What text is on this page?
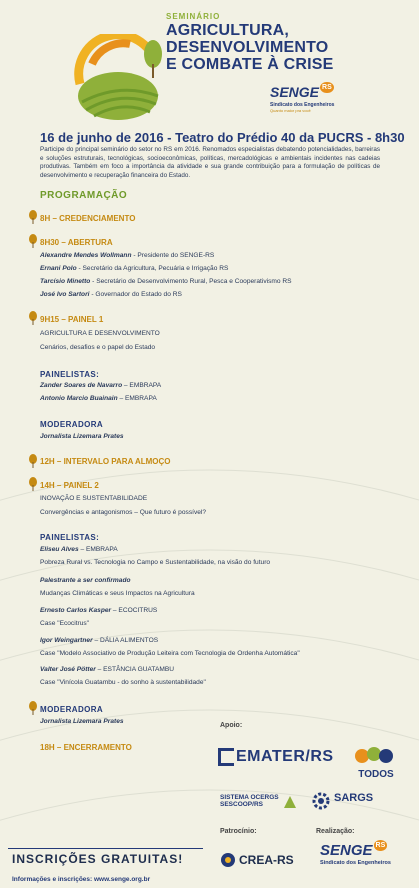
SEMINÁRIO
AGRICULTURA,
DESENVOLVIMENTO
E COMBATE À CRISE
SENGE $^{RS}$
Sindicato dos Engenheiros
Quanto maior pra você
16 de junho de 2016 - Teatro do Prédio 40 da PUCRS - 8h30
Participe do principal seminário do setor no RS em 2016. Renomados especialistas debatendo potencialidades, barreiras e soluções estruturais, tecnológicas, socioeconômicas, políticas, mercadológicas e ambientais incidentes nas cadeias produtivas. Também em foco a importância da atividade e sua grande contribuição para a formulação de políticas de desenvolvimento e recuperação financeira do Estado.
PROGRAMAÇÃO
8H – CREDENCIAMENTO
8H30 – ABERTURA
Alexandre Mendes Wollmann - Presidente do SENGE-RS
Ernani Polo - Secretário da Agricultura, Pecuária e Irrigação RS
Tarcísio Minetto - Secretário de Desenvolvimento Rural, Pesca e Cooperativismo RS
José Ivo Sartori - Governador do Estado do RS
9H15 – PAINEL 1
AGRICULTURA E DESENVOLVIMENTO
Cenários, desafios e o papel do Estado
PAINELISTAS:
Zander Soares de Navarro – EMBRAPA
Antonio Marcio Buainain – EMBRAPA
MODERADORA
Jornalista Lizemara Prates
12H – INTERVALO PARA ALMOÇO
14H – PAINEL 2
INOVAÇÃO E SUSTENTABILIDADE
Convergências e antagonismos – Que futuro é possível?
PAINELISTAS:
Eliseu Alves – EMBRAPA
Pobreza Rural vs. Tecnologia no Campo e Sustentabilidade, na visão do futuro
Palestrante a ser confirmado
Mudanças Climáticas e seus Impactos na Agricultura
Ernesto Carlos Kasper – ECOCITRUS
Case "Ecocitrus"
Igor Weingartner – DÁLIA ALIMENTOS
Case "Modelo Associativo de Produção Leiteira com Tecnologia de Ordenha Automática"
Valter José Pötter – ESTÂNCIA GUATAMBU
Case "Vinícola Guatambu - do sonho à sustentabilidade"
MODERADORA
Jornalista Lizemara Prates
18H – ENCERRAMENTO
Apoio:
EMATER/RS
TODOS
SISTEMA OCERGS
SESCOOP/RS
SARGS
Patrocínio:
CREA-RS
Realização:
SENGE $^{RS}$
Sindicato dos Engenheiros
INSCRIÇÕES GRATUITAS!
Informações e inscrições: www.senge.org.br
